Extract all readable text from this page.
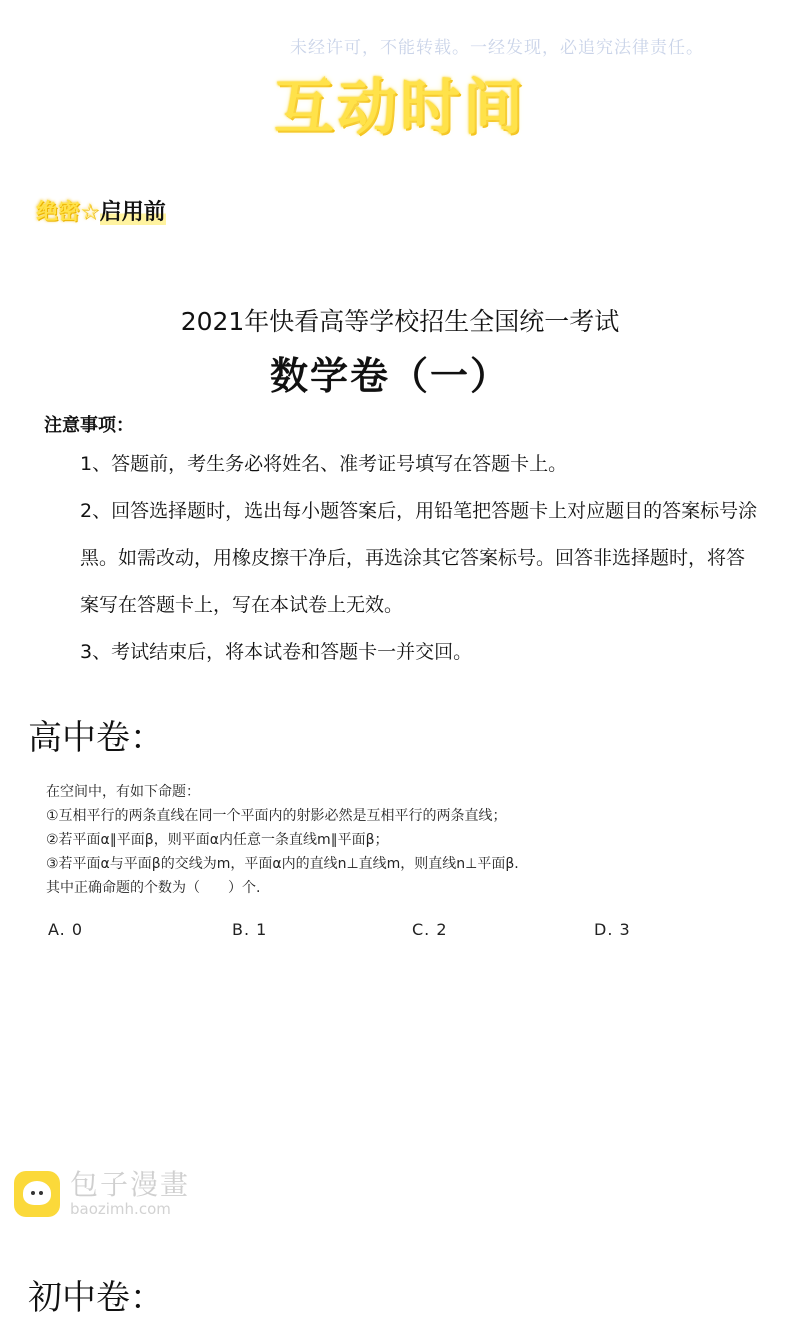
未经许可，不能转载。一经发现，必追究法律责任。
互动时间
绝密☆启用前
2021年快看高等学校招生全国统一考试
数学卷（一）
注意事项：
1、答题前，考生务必将姓名、准考证号填写在答题卡上。
2、回答选择题时，选出每小题答案后，用铅笔把答题卡上对应题目的答案标号涂黑。如需改动，用橡皮擦干净后，再选涂其它答案标号。回答非选择题时，将答案写在答题卡上，写在本试卷上无效。
3、考试结束后，将本试卷和答题卡一并交回。
高中卷：
在空间中，有如下命题：
①互相平行的两条直线在同一个平面内的射影必然是互相平行的两条直线；
②若平面α∥平面β，则平面α内任意一条直线m∥平面β；
③若平面α与平面β的交线为m，平面α内的直线n⊥直线m，则直线n⊥平面β.
其中正确命题的个数为（　　）个.
A. 0	B. 1	C. 2	D. 3
包子漫畫
baozimh.com
初中卷：
